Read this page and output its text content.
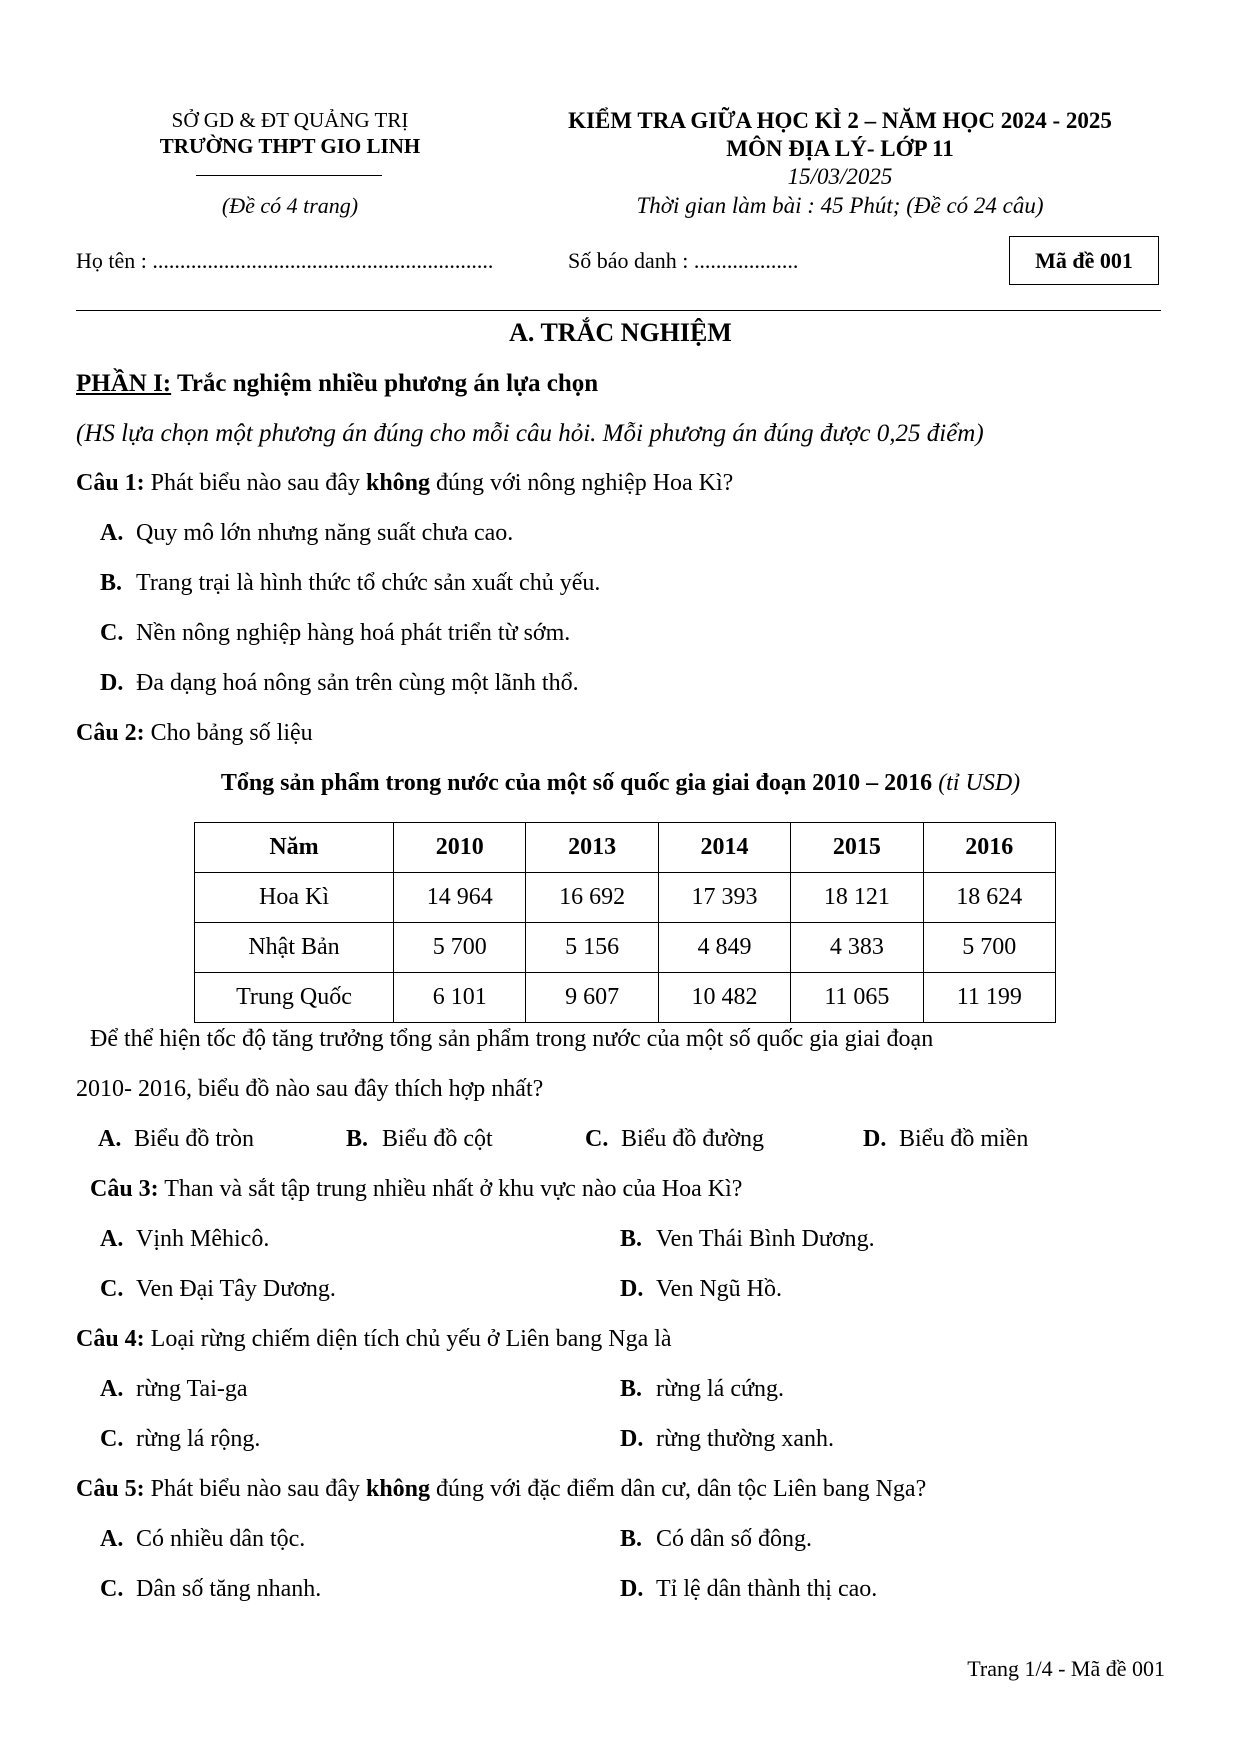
SỞ GD & ĐT QUẢNG TRỊ
TRƯỜNG THPT GIO LINH
(Đề có 4 trang)
KIỂM TRA GIỮA HỌC KÌ 2 – NĂM HỌC 2024 - 2025
MÔN ĐỊA LÝ- LỚP 11
15/03/2025
Thời gian làm bài : 45 Phút; (Đề có 24 câu)
Họ tên : ..............................................................	Số báo danh : ...................	Mã đề 001
A. TRẮC NGHIỆM
PHẦN I: Trắc nghiệm nhiều phương án lựa chọn
(HS lựa chọn một phương án đúng cho mỗi câu hỏi. Mỗi phương án đúng được 0,25 điểm)
Câu 1: Phát biểu nào sau đây không đúng với nông nghiệp Hoa Kì?
A. Quy mô lớn nhưng năng suất chưa cao.
B. Trang trại là hình thức tổ chức sản xuất chủ yếu.
C. Nền nông nghiệp hàng hoá phát triển từ sớm.
D. Đa dạng hoá nông sản trên cùng một lãnh thổ.
Câu 2: Cho bảng số liệu
Tổng sản phẩm trong nước của một số quốc gia giai đoạn 2010 – 2016 (tỉ USD)
Năm	2010	2013	2014	2015	2016
Hoa Kì	14 964	16 692	17 393	18 121	18 624
Nhật Bản	5 700	5 156	4 849	4 383	5 700
Trung Quốc	6 101	9 607	10 482	11 065	11 199
Để thể hiện tốc độ tăng trưởng tổng sản phẩm trong nước của một số quốc gia giai đoạn
2010- 2016, biểu đồ nào sau đây thích hợp nhất?
A. Biểu đồ tròn	B. Biểu đồ cột	C. Biểu đồ đường	D. Biểu đồ miền
Câu 3: Than và sắt tập trung nhiều nhất ở khu vực nào của Hoa Kì?
A. Vịnh Mêhicô.	B. Ven Thái Bình Dương.
C. Ven Đại Tây Dương.	D. Ven Ngũ Hồ.
Câu 4: Loại rừng chiếm diện tích chủ yếu ở Liên bang Nga là
A. rừng Tai-ga	B. rừng lá cứng.
C. rừng lá rộng.	D. rừng thường xanh.
Câu 5: Phát biểu nào sau đây không đúng với đặc điểm dân cư, dân tộc Liên bang Nga?
A. Có nhiều dân tộc.	B. Có dân số đông.
C. Dân số tăng nhanh.	D. Tỉ lệ dân thành thị cao.
Trang 1/4 - Mã đề 001
